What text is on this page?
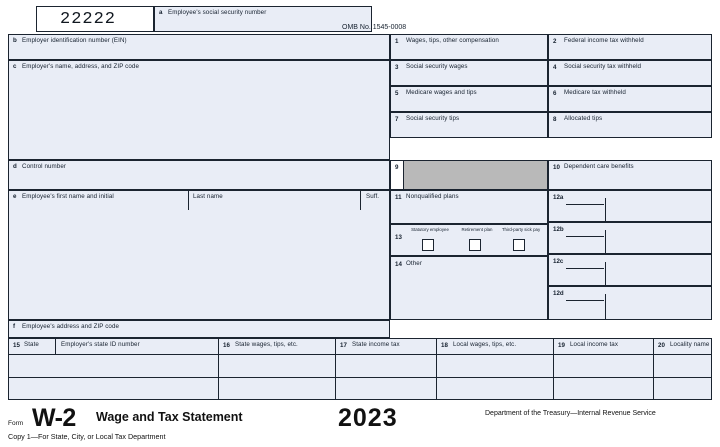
22222	a Employee's social security number
OMB No. 1545-0008
b Employer identification number (EIN)
c Employer's name, address, and ZIP code
d Control number
e Employee's first name and initial	Last name	Suff.
f Employee's address and ZIP code
1 Wages, tips, other compensation	2 Federal income tax withheld
3 Social security wages	4 Social security tax withheld
5 Medicare wages and tips	6 Medicare tax withheld
7 Social security tips	8 Allocated tips
9	10 Dependent care benefits
11 Nonqualified plans
13
Statutory employee	Retirement plan	Third-party sick pay
14 Other
12a
12b
12c
12d
15 State	Employer's state ID number	16 State wages, tips, etc.	17 State income tax	18 Local wages, tips, etc.	19 Local income tax	20 Locality name
Form W-2 Wage and Tax Statement	2023	Department of the Treasury—Internal Revenue Service
Copy 1—For State, City, or Local Tax Department
